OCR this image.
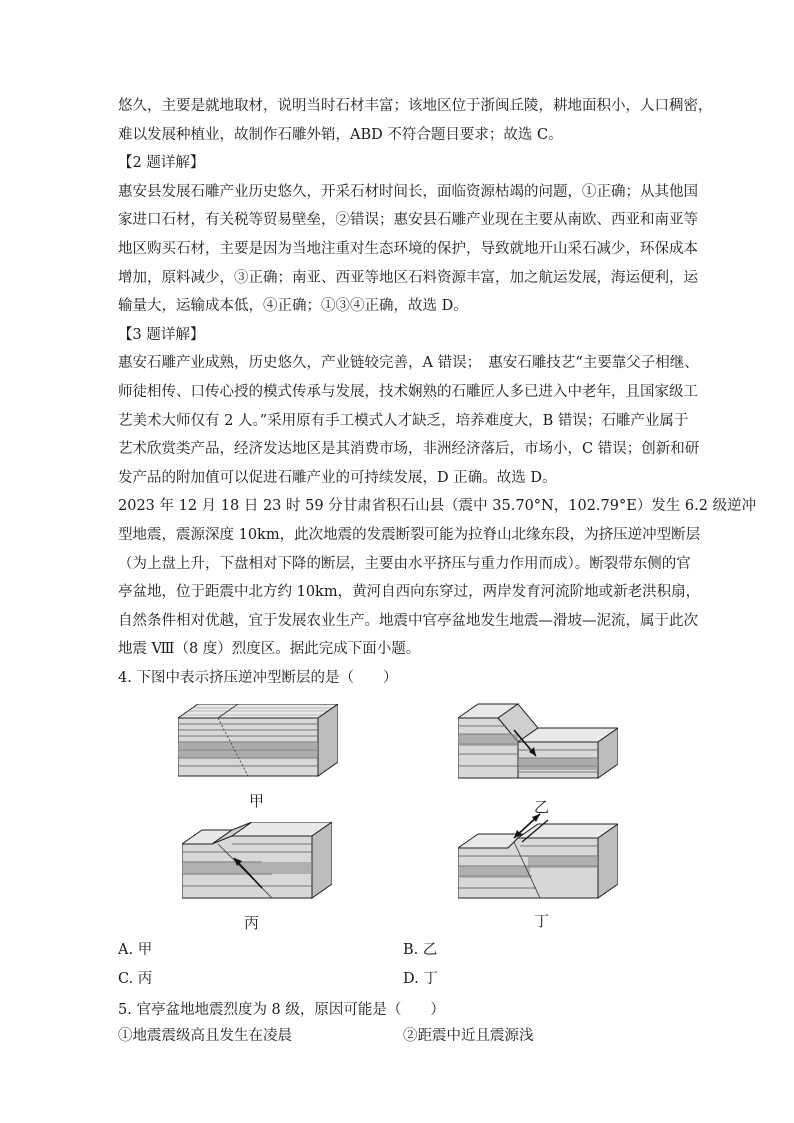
悠久，主要是就地取材，说明当时石材丰富；该地区位于浙闽丘陵，耕地面积小，人口稠密，
难以发展种植业，故制作石雕外销，ABD 不符合题目要求；故选 C。
【2 题详解】
惠安县发展石雕产业历史悠久，开采石材时间长，面临资源枯竭的问题，①正确；从其他国
家进口石材，有关税等贸易壁垒，②错误；惠安县石雕产业现在主要从南欧、西亚和南亚等
地区购买石材，主要是因为当地注重对生态环境的保护，导致就地开山采石减少，环保成本
增加，原料减少，③正确；南亚、西亚等地区石料资源丰富，加之航运发展，海运便利，运
输量大，运输成本低，④正确；①③④正确，故选 D。
【3 题详解】
惠安石雕产业成熟，历史悠久，产业链较完善，A 错误；　惠安石雕技艺“主要靠父子相继、
师徒相传、口传心授的模式传承与发展，技术娴熟的石雕匠人多已进入中老年，且国家级工
艺美术大师仅有 2 人。”采用原有手工模式人才缺乏，培养难度大，B 错误；石雕产业属于
艺术欣赏类产品，经济发达地区是其消费市场，非洲经济落后，市场小，C 错误；创新和研
发产品的附加值可以促进石雕产业的可持续发展，D 正确。故选 D。
2023 年 12 月 18 日 23 时 59 分甘肃省积石山县（震中 35.70°N，102.79°E）发生 6.2 级逆冲
型地震，震源深度 10km，此次地震的发震断裂可能为拉脊山北缘东段，为挤压逆冲型断层
（为上盘上升，下盘相对下降的断层，主要由水平挤压与重力作用而成）。断裂带东侧的官
亭盆地，位于距震中北方约 10km，黄河自西向东穿过，两岸发育河流阶地或新老洪积扇，
自然条件相对优越，宜于发展农业生产。地震中官亭盆地发生地震—滑坡—泥流，属于此次
地震 Ⅷ（8 度）烈度区。据此完成下面小题。
4. 下图中表示挤压逆冲型断层的是（　　）
甲	乙
丙	丁
A. 甲	B. 乙
C. 丙	D. 丁
5. 官亭盆地地震烈度为 8 级，原因可能是（　　）
①地震震级高且发生在凌晨	②距震中近且震源浅
